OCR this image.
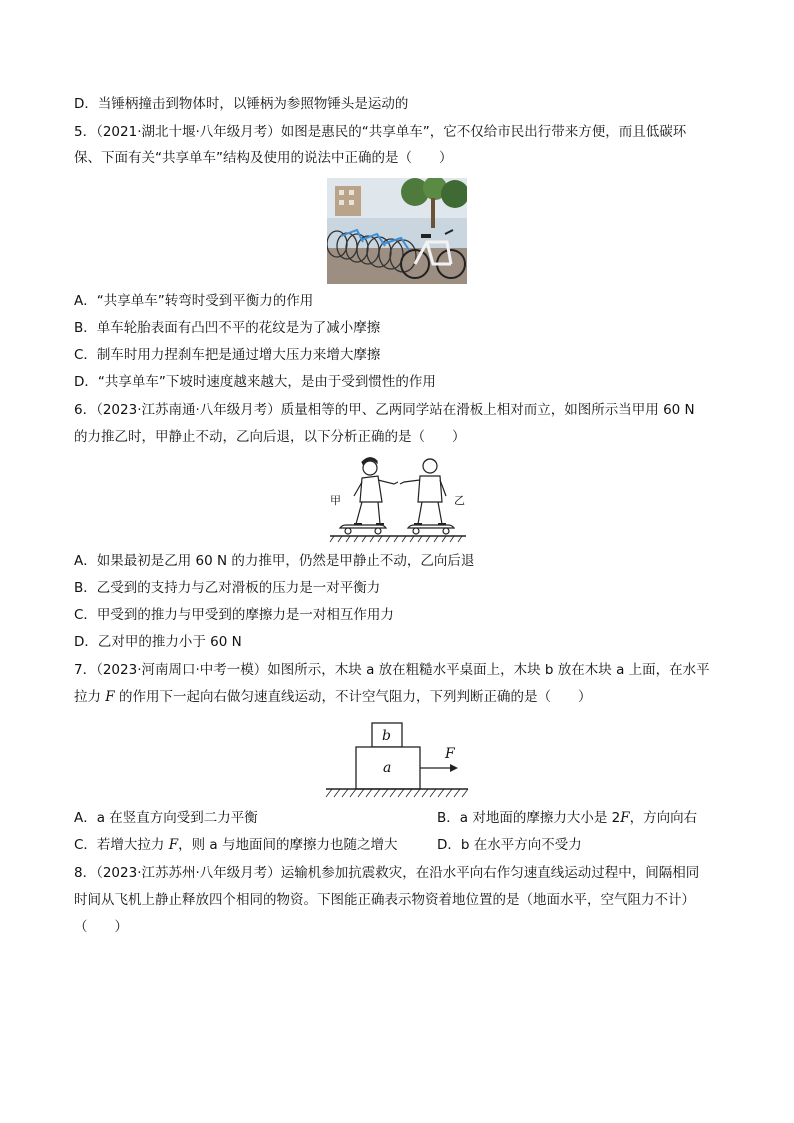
D．当锤柄撞击到物体时，以锤柄为参照物锤头是运动的
5．（2021·湖北十堰·八年级月考）如图是惠民的“共享单车”，它不仅给市民出行带来方便，而且低碳环
保、下面有关“共享单车”结构及使用的说法中正确的是（　　）
A．“共享单车”转弯时受到平衡力的作用
B．单车轮胎表面有凸凹不平的花纹是为了减小摩擦
C．制车时用力捏刹车把是通过增大压力来增大摩擦
D．“共享单车”下坡时速度越来越大，是由于受到惯性的作用
6．（2023·江苏南通·八年级月考）质量相等的甲、乙两同学站在滑板上相对而立，如图所示当甲用 60 N
的力推乙时，甲静止不动，乙向后退，以下分析正确的是（　　）
甲	乙
A．如果最初是乙用 60 N 的力推甲，仍然是甲静止不动，乙向后退
B．乙受到的支持力与乙对滑板的压力是一对平衡力
C．甲受到的推力与甲受到的摩擦力是一对相互作用力
D．乙对甲的推力小于 60 N
7．（2023·河南周口·中考一模）如图所示，木块 a 放在粗糙水平桌面上，木块 b 放在木块 a 上面，在水平
拉力 F 的作用下一起向右做匀速直线运动，不计空气阻力，下列判断正确的是（　　）
b
a
F
A．a 在竖直方向受到二力平衡	B．a 对地面的摩擦力大小是 2F，方向向右
C．若增大拉力 F，则 a 与地面间的摩擦力也随之增大	D．b 在水平方向不受力
8．（2023·江苏苏州·八年级月考）运输机参加抗震救灾，在沿水平向右作匀速直线运动过程中，间隔相同
时间从飞机上静止释放四个相同的物资。下图能正确表示物资着地位置的是（地面水平，空气阻力不计）
（　　）
